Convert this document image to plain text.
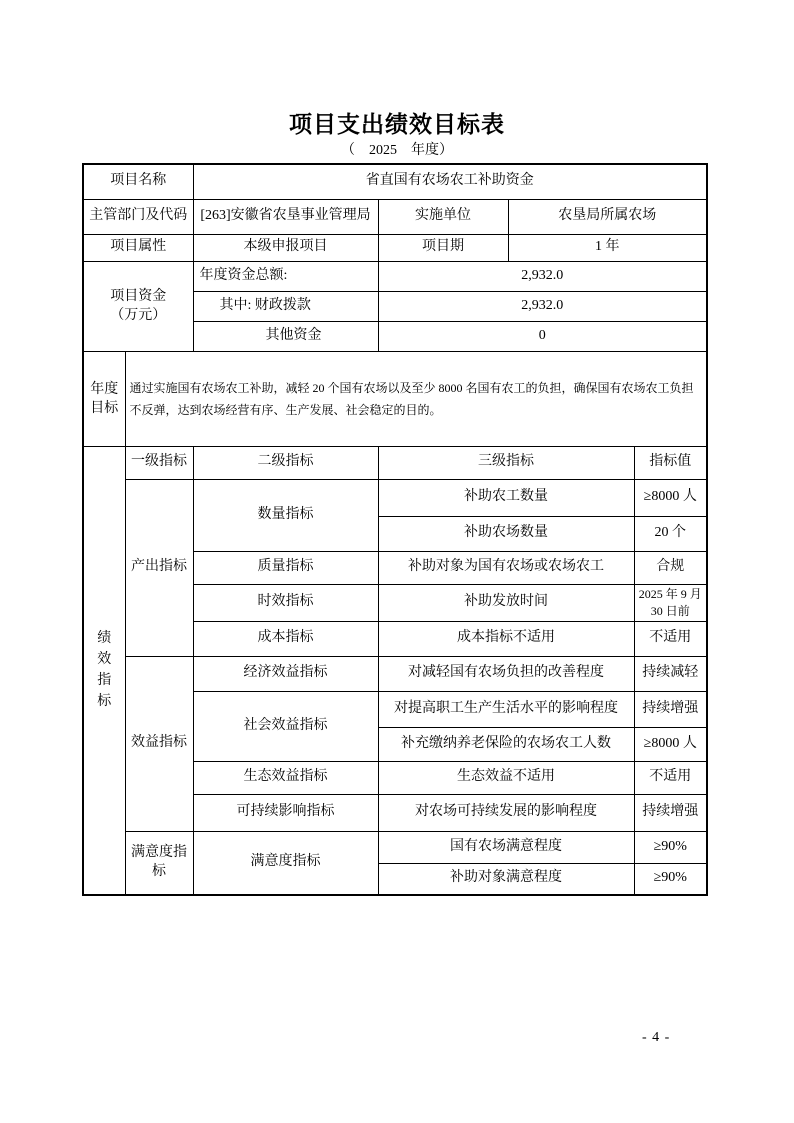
项目支出绩效目标表
（　2025　年度）
项目名称		省直国有农场农工补助资金			
主管部门及代码		[263]安徽省农垦事业管理局	实施单位	农垦局所属农场	
项目属性		本级申报项目	项目期	1 年	

项目资金
（万元）		年度资金总额:	2,932.0		
		其中: 财政拨款	2,932.0		
		其他资金	0		

年度目标	通过实施国有农场农工补助，减轻 20 个国有农场以及至少 8000 名国有农工的负担，确保国有农场农工负担不反弹，达到农场经营有序、生产发展、社会稳定的目的。				

绩效指标	一级指标	二级指标	三级指标		指标值
	产出指标	数量指标	补助农工数量		≥8000 人
			补助农场数量		20 个
		质量指标	补助对象为国有农场或农场农工		合规
		时效指标	补助发放时间		2025 年 9 月 30 日前
		成本指标	成本指标不适用		不适用
	效益指标	经济效益指标	对减轻国有农场负担的改善程度		持续减轻
		社会效益指标	对提高职工生产生活水平的影响程度		持续增强
			补充缴纳养老保险的农场农工人数		≥8000 人
		生态效益指标	生态效益不适用		不适用
		可持续影响指标	对农场可持续发展的影响程度		持续增强
	满意度指标	满意度指标	国有农场满意程度		≥90%
			补助对象满意程度		≥90%
- 4 -
